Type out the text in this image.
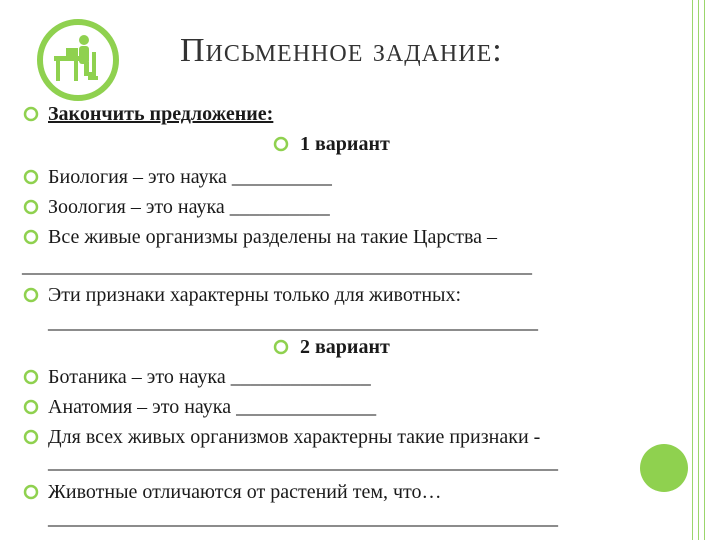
Письменное задание:
Закончить предложение:
1 вариант
Биология – это наука __________
Зоология – это наука __________
Все живые организмы разделены на такие Царства –
___________________________________________________
Эти признаки характерны только для животных:
_________________________________________________
2 вариант
Ботаника – это наука ______________
Анатомия – это наука ______________
Для всех живых организмов характерны такие признаки -
___________________________________________________
Животные отличаются от растений тем, что…
___________________________________________________
